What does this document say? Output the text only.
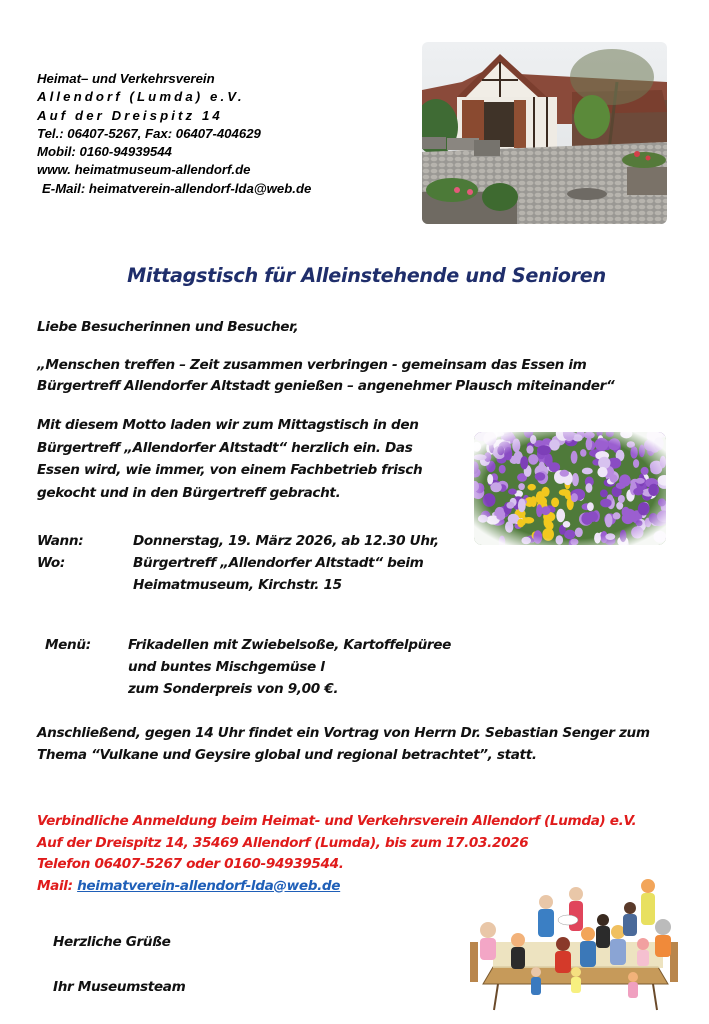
Heimat– und Verkehrsverein
Allendorf (Lumda) e.V.
Auf der Dreispitz 14
Tel.: 06407-5267, Fax: 06407-404629
Mobil: 0160-94939544
www. heimatmuseum-allendorf.de
E-Mail: heimatverein-allendorf-lda@web.de
Mittagstisch für Alleinstehende und Senioren
Liebe Besucherinnen und Besucher,
„Menschen treffen – Zeit zusammen verbringen - gemeinsam das Essen im
Bürgertreff Allendorfer Altstadt genießen – angenehmer Plausch miteinander“
Mit diesem Motto laden wir zum Mittagstisch in den
Bürgertreff „Allendorfer Altstadt“ herzlich ein. Das
Essen wird, wie immer, von einem Fachbetrieb frisch
gekocht und in den Bürgertreff gebracht.
Wann:	Donnerstag, 19. März 2026, ab 12.30 Uhr,
Wo:	Bürgertreff „Allendorfer Altstadt“ beim
Heimatmuseum, Kirchstr. 15
Menü:	Frikadellen mit Zwiebelsoße, Kartoffelpüree
und buntes Mischgemüse l
zum Sonderpreis von 9,00 €.
Anschließend, gegen 14 Uhr findet ein Vortrag von Herrn Dr. Sebastian Senger zum
Thema “Vulkane und Geysire global und regional betrachtet”, statt.
Verbindliche Anmeldung beim Heimat- und Verkehrsverein Allendorf (Lumda) e.V.
Auf der Dreispitz 14, 35469 Allendorf (Lumda), bis zum 17.03.2026
Telefon 06407-5267 oder 0160-94939544.
Mail: heimatverein-allendorf-lda@web.de
Herzliche Grüße
Ihr Museumsteam
